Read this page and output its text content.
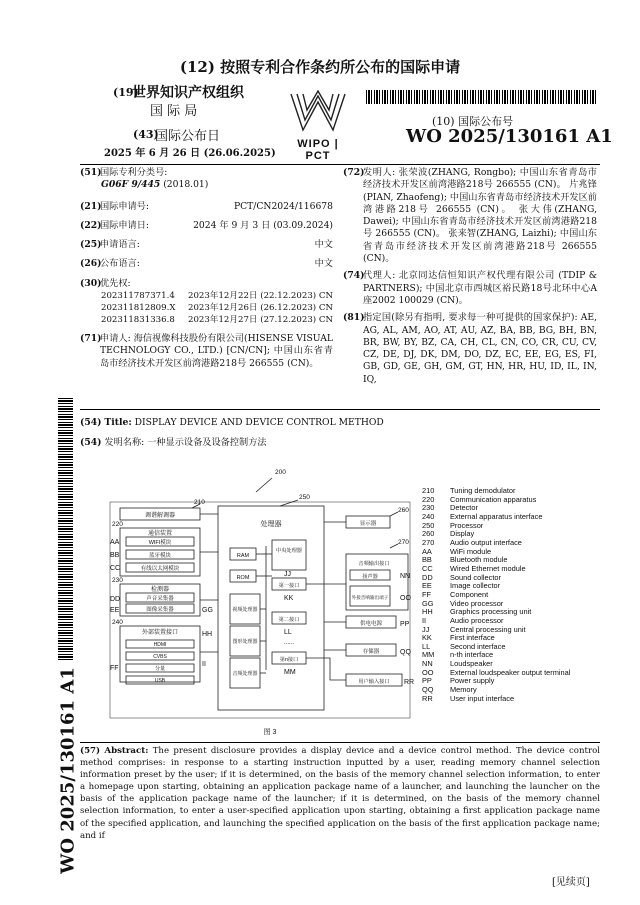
(12) 按照专利合作条约所公布的国际申请
(19)
世界知识产权组织
国 际 局
(43)
国际公布日
2025 年 6 月 26 日 (26.06.2025)
WIPO | PCT
(10) 国际公布号
WO 2025/130161 A1
(51)
国际专利分类号:
G06F 9/445 (2018.01)
(21)国际申请号:	PCT/CN2024/116678
(22)国际申请日:	2024 年 9 月 3 日 (03.09.2024)
(25)申请语言:	中文
(26)公布语言:	中文
(30)
优先权:
202311787371.4 2023年12月22日 (22.12.2023) CN
202311812809.X 2023年12月26日 (26.12.2023) CN
202311831336.8 2023年12月27日 (27.12.2023) CN
(71)
申请人: 海信视像科技股份有限公司(HISENSE VISUAL TECHNOLOGY CO., LTD.) [CN/CN]; 中国山东省青岛市经济技术开发区前湾港路218号 266555 (CN)。
(72)
发明人: 张荣波(ZHANG, Rongbo); 中国山东省青岛市经济技术开发区前湾港路218号 266555 (CN)。 片兆锋(PIAN, Zhaofeng); 中国山东省青岛市经济技术开发区前湾港路218号 266555 (CN)。 张大伟(ZHANG, Dawei); 中国山东省青岛市经济技术开发区前湾港路218号 266555 (CN)。 张来智(ZHANG, Laizhi); 中国山东省青岛市经济技术开发区前湾港路218号 266555 (CN)。
(74)
代理人: 北京同达信恒知识产权代理有限公司 (TDIP & PARTNERS); 中国北京市西城区裕民路18号北环中心A座2002 100029 (CN)。
(81)
指定国(除另有指明, 要求每一种可提供的国家保护): AE, AG, AL, AM, AO, AT, AU, AZ, BA, BB, BG, BH, BN, BR, BW, BY, BZ, CA, CH, CL, CN, CO, CR, CU, CV, CZ, DE, DJ, DK, DM, DO, DZ, EC, EE, EG, ES, FI, GB, GD, GE, GH, GM, GT, HN, HR, HU, ID, IL, IN, IQ,
WO 2025/130161 A1
(54) Title: DISPLAY DEVICE AND DEVICE CONTROL METHOD
(54) 发明名称: 一种显示设备及设备控制方法
200
250
210
220
230
240
260
270
AA
BB
CC
DD
EE
FF
GG
HH
II
JJ
KK
LL
MM
NN
OO
PP
QQ
RR
调谐解调器
通信装置
WIFI模块
蓝牙模块
有线以太网模块
检测器
声音采集器
图像采集器
外部装置接口
HDMI
CVBS
分量
USB
处理器
RAM
ROM
中央处理器
第一接口
视频处理器
图形处理器
音频处理器
第二接口
......
第n接口
显示器
音频输出接口
扬声器
外接音响输出端子
供电电源
存储器
用户输入接口
图 3
210	Tuning demodulator
220	Communication apparatus
230	Detector
240	External apparatus interface
250	Processor
260	Display
270	Audio output interface
AA	WiFi module
BB	Bluetooth module
CC	Wired Ethernet module
DD	Sound collector
EE	Image collector
FF	Component
GG	Video processor
HH	Graphics processing unit
II	Audio processor
JJ	Central processing unit
KK	First interface
LL	Second interface
MM	n-th interface
NN	Loudspeaker
OO	External loudspeaker output terminal
PP	Power supply
QQ	Memory
RR	User input interface
(57) Abstract: The present disclosure provides a display device and a device control method. The device control method comprises: in response to a starting instruction inputted by a user, reading memory channel selection information preset by the user; if it is determined, on the basis of the memory channel selection information, to enter a homepage upon starting, obtaining an application package name of a launcher, and launching the launcher on the basis of the application package name of the launcher; if it is determined, on the basis of the memory channel selection information, to enter a user-specified application upon starting, obtaining a first application package name of the specified application, and launching the specified application on the basis of the first application package name; and if
[见续页]
